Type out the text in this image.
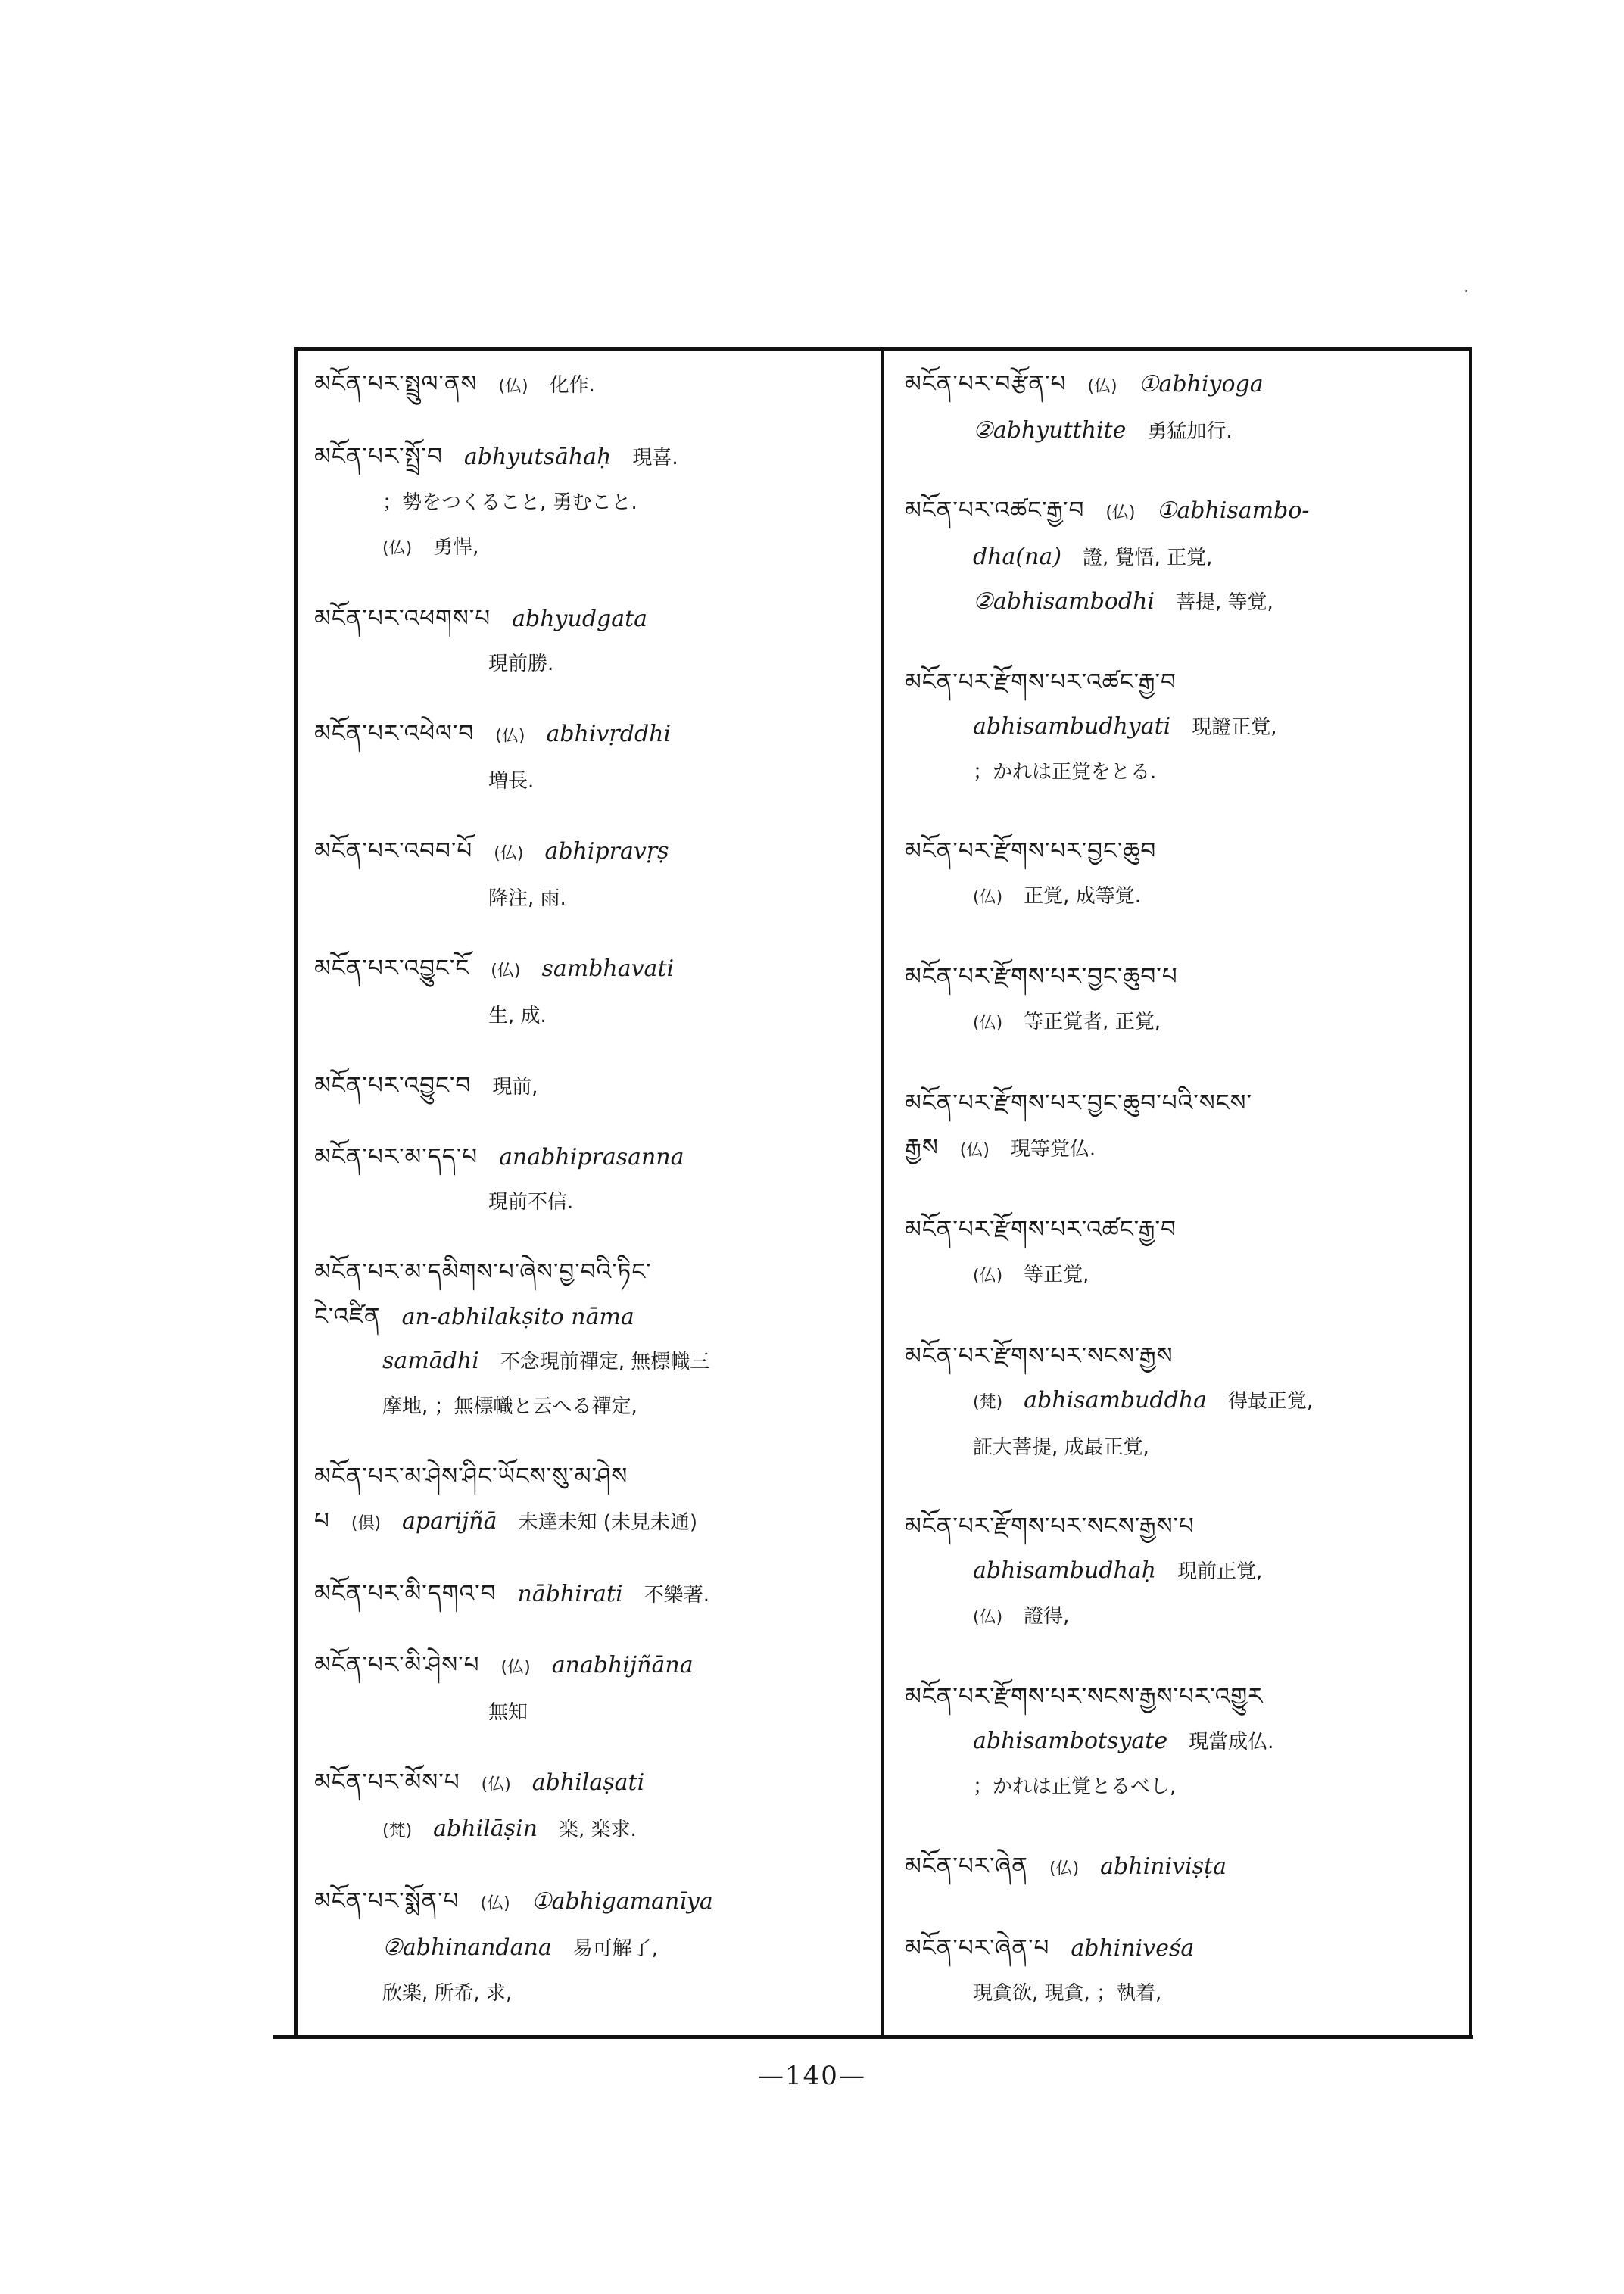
མངོན་པར་སྤྲུལ་ནས (仏) 化作.
མངོན་པར་སྤྲོ་བ abhyutsāhaḥ 現喜.
；勢をつくること, 勇むこと.
(仏) 勇悍,
མངོན་པར་འཕགས་པ abhyudgata
現前勝.
མངོན་པར་འཕེལ་བ (仏) abhivṛddhi
増長.
མངོན་པར་འབབ་པོ (仏) abhipravṛṣ
降注, 雨.
མངོན་པར་འབྱུང་ངོ (仏) sambhavati
生, 成.
མངོན་པར་འབྱུང་བ 現前,
མངོན་པར་མ་དད་པ anabhiprasanna
現前不信.
མངོན་པར་མ་དམིགས་པ་ཞེས་བྱ་བའི་ཏིང་
ངེ་འཛིན an-abhilakṣito nāma
samādhi 不念現前禪定, 無標幟三
摩地, ；無標幟と云へる禪定,
མངོན་པར་མ་ཤེས་ཤིང་ཡོངས་སུ་མ་ཤེས
པ (倶) aparijñā 未達未知 (未見未通)
མངོན་པར་མི་དགའ་བ nābhirati 不樂著.
མངོན་པར་མི་ཤེས་པ (仏) anabhijñāna
無知
མངོན་པར་མོས་པ (仏) abhilaṣati
(梵) abhilāṣin 楽, 楽求.
མངོན་པར་སྨོན་པ (仏) ①abhigamanīya
②abhinandana 易可解了,
欣楽, 所希, 求,
མངོན་པར་བརྩོན་པ (仏) ①abhiyoga
②abhyutthite 勇猛加行.
མངོན་པར་འཚང་རྒྱ་བ (仏) ①abhisambo-
dha(na) 證, 覺悟, 正覚,
②abhisambodhi 菩提, 等覚,
མངོན་པར་རྫོགས་པར་འཚང་རྒྱ་བ
abhisambudhyati 現證正覚,
；かれは正覚をとる.
མངོན་པར་རྫོགས་པར་བྱང་ཆུབ
(仏) 正覚, 成等覚.
མངོན་པར་རྫོགས་པར་བྱང་ཆུབ་པ
(仏) 等正覚者, 正覚,
མངོན་པར་རྫོགས་པར་བྱང་ཆུབ་པའི་སངས་
རྒྱས (仏) 現等覚仏.
མངོན་པར་རྫོགས་པར་འཚང་རྒྱ་བ
(仏) 等正覚,
མངོན་པར་རྫོགས་པར་སངས་རྒྱས
(梵) abhisambuddha 得最正覚,
証大菩提, 成最正覚,
མངོན་པར་རྫོགས་པར་སངས་རྒྱས་པ
abhisambudhaḥ 現前正覚,
(仏) 證得,
མངོན་པར་རྫོགས་པར་སངས་རྒྱས་པར་འགྱུར
abhisambotsyate 現當成仏.
；かれは正覚とるべし,
མངོན་པར་ཞེན (仏) abhiniviṣṭa
མངོན་པར་ཞེན་པ abhiniveśa
現貪欲, 現貪, ；執着,
—140—
